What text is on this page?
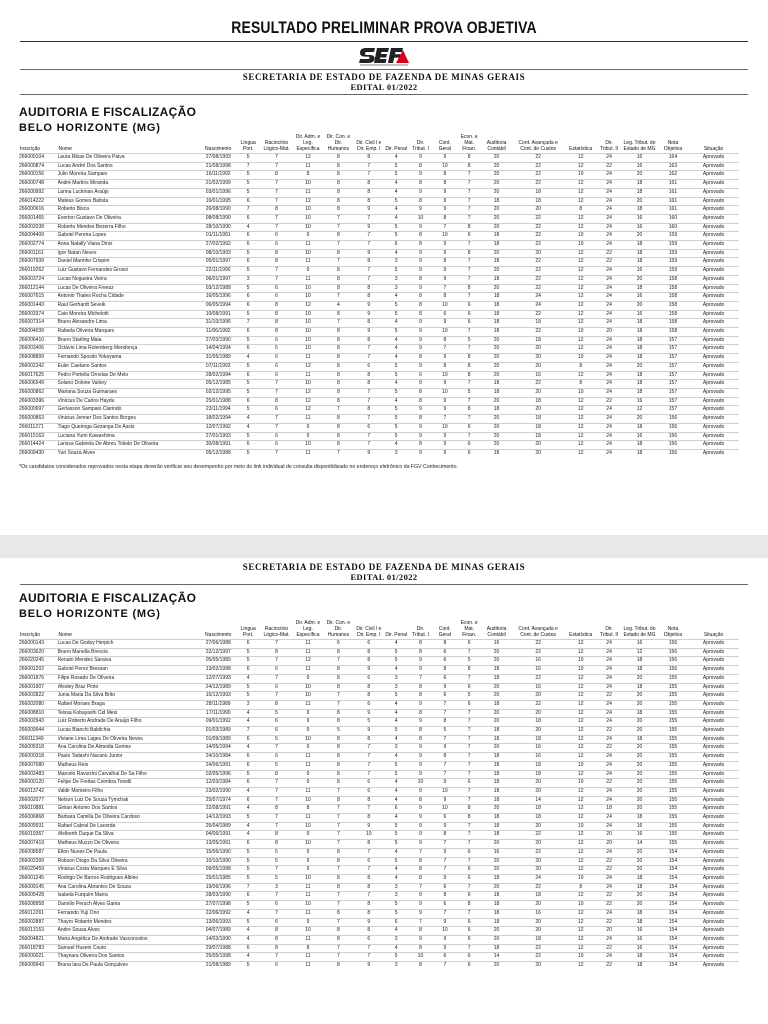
RESULTADO PRELIMINAR PROVA OBJETIVA
SECRETARIA DE ESTADO DE FAZENDA DE MINAS GERAIS
EDITAL 01/2022
AUDITORIA E FISCALIZAÇÃO
BELO HORIZONTE (MG)
Inscrição	Nome	Nascimento	Língua Port.	Raciocínio Lógico-Mat.	Dir. Adm. e Leg. Específica	Dir. Con. e Dir. Humanos	Dir. Civil l e Dir. Emp. I	Dir. Penal	Dir. Tribut. I	Cont. Geral	Econ. e Mat. Finan.	Auditoria Contábil	Cont. Avançada e Cont. de Custos	Estatística	Dir. Tribut. II	Leg. Tribut. do Estado de MG	Nota Objetiva	Situação
266000104	Laura Ribas De Oliveira Paiva	27/08/1993	5	7	12	8	8	4	9	9	8	20	22	12	24	16	164	Aprovado
266000874	Lucas André Dos Santos	21/08/1998	7	7	11	8	7	5	8	10	8	20	22	12	22	16	163	Aprovado
266000156	Julio Moreira Sampaio	16/11/1992	5	8	8	8	7	5	9	8	7	20	22	10	24	20	162	Aprovado
266000748	André Martins Miranda	21/02/1999	5	7	10	8	8	4	8	8	7	20	22	12	24	18	161	Aprovado
266000992	Lanna Luckman Araújo	03/01/1996	5	7	11	8	8	4	9	9	7	20	18	12	24	18	161	Aprovado
266014222	Mateus Gomes Batista	16/01/1995	6	7	12	8	8	5	8	9	7	18	18	12	24	20	161	Aprovado
266000616	Roberto Bisca	26/08/1990	7	8	10	8	9	4	9	9	7	20	20	8	24	18	161	Aprovado
266001465	Everton Gustavo De Oliveira	08/08/1990	6	7	10	7	7	4	10	8	7	20	22	12	24	16	160	Aprovado
266002038	Roberto Mendes Bezerra Filho	28/10/1990	4	7	10	7	9	5	9	7	8	20	22	12	24	16	160	Aprovado
266004409	Gabriel Pereira Lopes	01/11/1991	6	6	9	8	7	5	8	10	6	18	22	10	24	20	159	Aprovado
266002774	Anna Natally Viana Diniz	27/02/1992	6	6	11	7	7	6	8	9	7	18	22	10	24	18	159	Aprovado
266001161	Igor Natan Neves	08/10/1993	5	8	10	8	9	4	9	9	8	20	20	12	22	18	159	Aprovado
266007939	Daniel Marinho Crispim	05/01/1997	6	8	11	7	8	3	9	8	7	18	22	12	22	18	159	Aprovado
266019262	Luiz Gustavo Fernandes Grossi	22/11/1990	5	7	9	8	7	5	9	9	7	20	22	12	24	16	159	Aprovado
266003724	Lucas Nogueira Vieira	06/01/1997	3	7	11	8	7	3	8	9	7	18	22	12	24	20	158	Aprovado
266012144	Lucas De Oliveira Freesz	03/12/1988	5	6	10	8	8	3	9	7	8	20	22	12	24	18	158	Aprovado
266007615	Antonio Thales Rocha Cidade	16/05/1996	6	6	10	7	8	4	8	8	7	18	24	12	24	16	158	Aprovado
266001443	Raul Gerhardt Seveik	06/05/1994	6	8	12	4	9	5	8	10	6	18	24	12	24	20	158	Aprovado
266003374	Caio Moreira Michelotti	10/08/1991	5	8	10	8	9	5	8	6	6	18	22	12	24	16	158	Aprovado
266007314	Bruno Alexandre Lima	31/10/1996	7	8	10	7	8	4	9	9	6	18	18	12	24	18	158	Aprovado
266004039	Rafaela Oliveira Marques	11/06/1992	6	8	10	8	9	5	9	10	7	18	22	10	20	18	158	Aprovado
266006410	Bruno Starling Maia	27/03/1990	5	6	10	8	8	4	9	8	5	20	18	12	24	18	157	Aprovado
266003406	Octávio Lima Rolemberg Mendonça	14/04/1994	6	5	10	8	7	4	9	7	7	20	20	12	24	18	157	Aprovado
266008899	Fernando Sposito Yokoyama	31/05/1989	4	6	11	8	7	4	8	9	8	20	20	10	24	18	157	Aprovado
266002342	Euler Caetano Santos	07/11/1993	5	6	12	8	6	5	9	8	8	20	20	8	24	20	157	Aprovado
266017625	Pedro Portella Ornelas De Melo	28/02/1994	6	6	11	8	8	5	6	10	8	20	16	12	24	18	157	Aprovado
266006549	Solano Dolone Valiory	05/12/1985	5	7	10	8	8	4	9	9	7	18	22	8	24	18	157	Aprovado
266000862	Mariana Souza Guimaraes	02/12/1995	5	7	12	8	7	5	8	10	5	18	20	10	24	18	157	Aprovado
266003396	Vinícius De Carlos Haydu	25/01/1988	6	8	12	8	7	4	8	9	7	20	18	12	22	16	157	Aprovado
266000697	Gerlasson Sampaio Clarindo	23/11/1994	5	6	12	7	8	5	9	9	8	18	20	12	24	12	157	Aprovado
266000863	Vinicius Jenner Dos Santos Borges	18/02/1994	4	7	11	8	7	5	8	7	7	20	18	12	24	20	156	Aprovado
266011271	Tiago Queiroga Gezanga De Assis	12/07/1992	4	7	9	8	6	5	9	10	6	20	18	12	24	18	156	Aprovado
266015163	Luciana Yumi Kawashima	27/01/1993	5	6	9	8	7	5	9	9	7	20	18	12	24	16	156	Aprovado
266014424	Larissa Gabriela De Abreu Toledo De Oliveira	30/08/1991	6	6	10	8	7	4	8	9	6	20	20	12	24	18	156	Aprovado
266009430	Yuri Souza Alves	05/12/1988	5	7	11	7	9	3	9	9	6	18	20	12	24	18	156	Aprovado
*Os candidatos considerados reprovados nesta etapa deverão verificar seu desempenho por meio do link individual de consulta disponibilizado no endereço eletrônico da FGV Conhecimento.
SECRETARIA DE ESTADO DE FAZENDA DE MINAS GERAIS
EDITAL 01/2022
AUDITORIA E FISCALIZAÇÃO
BELO HORIZONTE (MG)
Inscrição	Nome	Nascimento	Língua Port.	Raciocínio Lógico-Mat.	Dir. Adm. e Leg. Específica	Dir. Con. e Dir. Humanos	Dir. Civil l e Dir. Emp. I	Dir. Penal	Dir. Tribut. I	Cont. Geral	Econ. e Mat. Finan.	Auditoria Contábil	Cont. Avançada e Cont. de Custos	Estatística	Dir. Tribut. II	Leg. Tribut. do Estado de MG	Nota Objetiva	Situação
266000143	Lucas De Godoy Herpich	27/06/1988	6	7	11	6	6	4	8	8	6	16	22	12	24	16	156	Aprovado
266003620	Bruno Manella Brescia	22/12/1997	5	8	11	8	8	5	8	6	7	20	22	12	24	12	156	Aprovado
266020245	Renato Mendes Saraiva	05/05/1989	5	7	12	7	8	5	9	6	5	20	16	10	24	18	156	Aprovado
266001202	Gabriel Perez Bressan	13/02/1998	6	6	11	8	9	4	9	8	8	18	16	10	24	18	156	Aprovado
266001876	Filipe Rosado De Oliveira	12/07/1993	4	7	9	8	6	3	7	6	7	18	22	12	24	20	155	Aprovado
266001907	Wesley Braz Pinto	24/12/1989	5	6	10	8	8	3	8	9	6	20	16	12	24	18	155	Aprovado
266002822	Junia Maria Da Silva Brito	15/12/1993	5	7	10	7	8	5	8	6	5	20	20	12	22	20	155	Aprovado
266002080	Rafael Moraes Braga	28/11/1989	3	8	11	7	6	4	9	7	6	18	22	12	24	20	155	Aprovado
266008810	Teissa Kobayashi Cid Mesi	17/11/1990	4	5	9	8	9	4	8	7	7	20	20	12	24	18	155	Aprovado
266002943	Luiz Roberto Andrade De Araújo Filho	09/01/1992	4	6	9	8	5	4	9	8	7	20	18	12	24	20	155	Aprovado
266009944	Lucas Bianchi Baldichia	01/03/1989	7	6	9	5	9	5	8	5	7	18	20	12	22	20	155	Aprovado
266011349	Viviane Lima Lages De Oliveira Neves	01/09/1989	6	5	10	8	8	4	8	7	7	18	18	12	24	18	155	Aprovado
266005318	Ana Carolina De Almeida Gomes	14/05/1994	4	7	9	8	7	3	9	9	7	20	16	12	22	20	155	Aprovado
266000318	Paulo Tadashi Nacano Junior	24/10/1984	6	6	11	8	7	4	9	8	7	18	16	12	24	20	155	Aprovado
266007080	Matheus Reis	24/06/1991	6	5	11	8	7	5	9	7	7	18	18	10	24	20	155	Aprovado
266002483	Marcelo Ravizzini Carvalhal De Sa Filho	02/05/1996	5	8	9	8	7	5	9	7	7	18	18	12	24	20	155	Aprovado
266000120	Felipe De Freitas Coimbra Tonelli	12/03/1984	6	7	9	8	6	4	10	9	6	18	20	10	22	20	155	Aprovado
266013742	Valdir Monteiro Filho	23/02/1990	4	7	11	7	6	4	9	10	7	18	20	12	24	20	155	Aprovado
266002077	Nelson Luiz De Souza Tymchak	25/07/1974	6	7	10	8	8	4	8	9	7	18	14	12	24	20	155	Aprovado
266010881	Giriian Antonio Dos Santos	22/08/1991	4	8	8	7	7	6	9	10	8	20	18	12	18	20	155	Aprovado
266006868	Barbara Camilla De Oliveira Cardoso	14/12/1993	5	7	11	7	8	4	9	6	8	18	18	12	24	18	155	Aprovado
266009931	Rafael Cabral De Lacerda	25/04/1989	4	7	10	7	9	5	9	9	7	18	20	10	24	16	155	Aprovado
266019367	Welberth Duque Da Silva	04/06/1991	4	8	9	7	10	5	9	8	7	18	22	12	20	16	155	Aprovado
266007419	Matheus Muzzo De Oliveira	13/05/1991	6	8	10	7	8	5	9	7	7	20	20	12	20	14	155	Aprovado
266008587	Elton Nunes De Paula	15/06/1990	5	5	9	8	7	4	7	9	6	16	22	12	24	20	154	Aprovado
266002399	Robson Diogo Da Silva Oliveira	10/10/1990	5	5	9	8	6	5	8	7	7	20	20	12	22	20	154	Aprovado
266020459	Vinicius Costa Marques E Silva	09/05/1998	5	7	9	7	7	4	8	7	6	20	20	12	22	20	154	Aprovado
266001245	Rodrigo De Barros Rodrigues Albino	25/01/1985	5	5	10	8	8	4	8	9	6	18	24	10	24	18	154	Aprovado
266009145	Ana Carolina Abrantes De Souza	19/06/1996	7	3	11	8	8	3	7	6	7	20	22	8	24	18	154	Aprovado
266005428	Isabela Furquim Marra	28/03/1990	6	7	11	7	7	3	9	8	6	18	18	12	22	20	154	Aprovado
266008958	Dannilo Peruch Alves Gama	27/07/1998	5	6	10	7	8	5	9	6	8	18	20	10	22	20	154	Aprovado
266012261	Fernando Yuji Ono	22/06/1992	4	7	11	8	8	5	9	7	7	18	16	12	24	18	154	Aprovado
266002887	Thayro Roberto Mendes	13/06/1993	5	6	9	7	9	6	7	9	6	18	20	12	22	18	154	Aprovado
266013153	Andre Sousa Alves	04/07/1989	4	8	10	8	8	4	8	10	6	20	20	12	20	16	154	Aprovado
266004821	Maria Angélica De Andrade Vasconcelos	14/03/1990	4	8	11	8	6	3	9	9	6	20	18	12	24	16	154	Aprovado
266018783	Samuel Husein Couto	29/07/1988	6	8	8	7	7	4	8	9	7	18	22	12	22	16	154	Aprovado
266000021	Thaynara Oliveira Dos Santos	25/05/1998	4	7	11	7	7	5	10	6	6	14	22	10	24	18	154	Aprovado
266009943	Bruna Iara De Paula Gonçalves	21/08/1989	5	6	11	8	9	3	8	7	6	20	20	12	22	18	154	Aprovado
